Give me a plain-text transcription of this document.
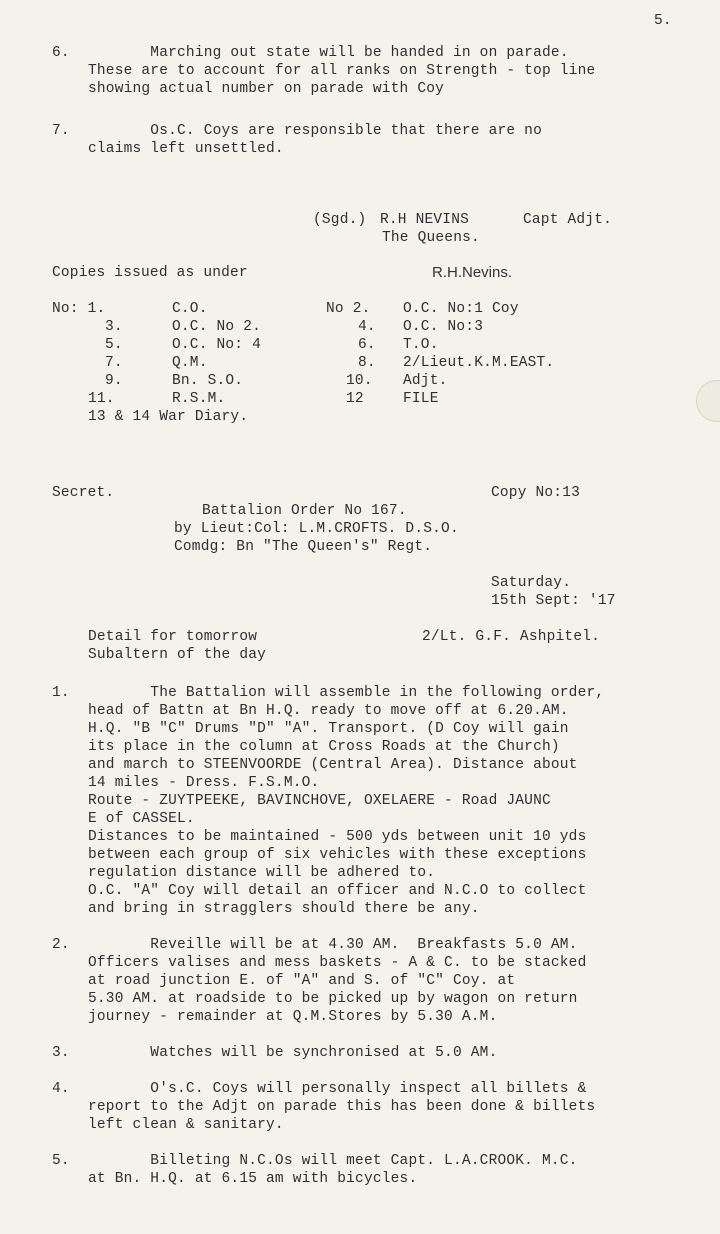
5.
6. Marching out state will be handed in on parade.
These are to account for all ranks on Strength - top line
showing actual number on parade with Coy
7. Os.C. Coys are responsible that there are no
claims left unsettled.
(Sgd.) R.H NEVINS	Capt Adjt.
The Queens.
Copies issued as under	R.H.Nevins.
No: 1.	C.O.	No 2. O.C. No:1 Coy
3.	O.C. No 2.	4. O.C. No:3
5.	O.C. No: 4	6. T.O.
7.	Q.M.	8. 2/Lieut.K.M.EAST.
9.	Bn. S.O.	10. Adjt.
11.	R.S.M.	12	FILE
13 & 14 War Diary.
Secret.	Copy No:13
Battalion Order No 167.
by Lieut:Col: L.M.CROFTS. D.S.O.
Comdg: Bn "The Queen's" Regt.
Saturday.
15th Sept: '17
Detail for tomorrow
Subaltern of the day
2/Lt. G.F. Ashpitel.
1. The Battalion will assemble in the following order,
head of Battn at Bn H.Q. ready to move off at 6.20.AM.
H.Q. "B "C" Drums "D" "A". Transport. (D Coy will gain
its place in the column at Cross Roads at the Church)
and march to STEENVOORDE (Central Area). Distance about
14 miles - Dress. F.S.M.O.
Route - ZUYTPEEKE, BAVINCHOVE, OXELAERE - Road JAUNC
E of CASSEL.
Distances to be maintained - 500 yds between unit 10 yds
between each group of six vehicles with these exceptions
regulation distance will be adhered to.
O.C. "A" Coy will detail an officer and N.C.O to collect
and bring in stragglers should there be any.
2. Reveille will be at 4.30 AM.  Breakfasts 5.0 AM.
Officers valises and mess baskets - A & C. to be stacked
at road junction E. of "A" and S. of "C" Coy. at
5.30 AM. at roadside to be picked up by wagon on return
journey - remainder at Q.M.Stores by 5.30 A.M.
3. Watches will be synchronised at 5.0 AM.
4. O's.C. Coys will personally inspect all billets &
report to the Adjt on parade this has been done & billets
left clean & sanitary.
5. Billeting N.C.Os will meet Capt. L.A.CROOK. M.C.
at Bn. H.Q. at 6.15 am with bicycles.
